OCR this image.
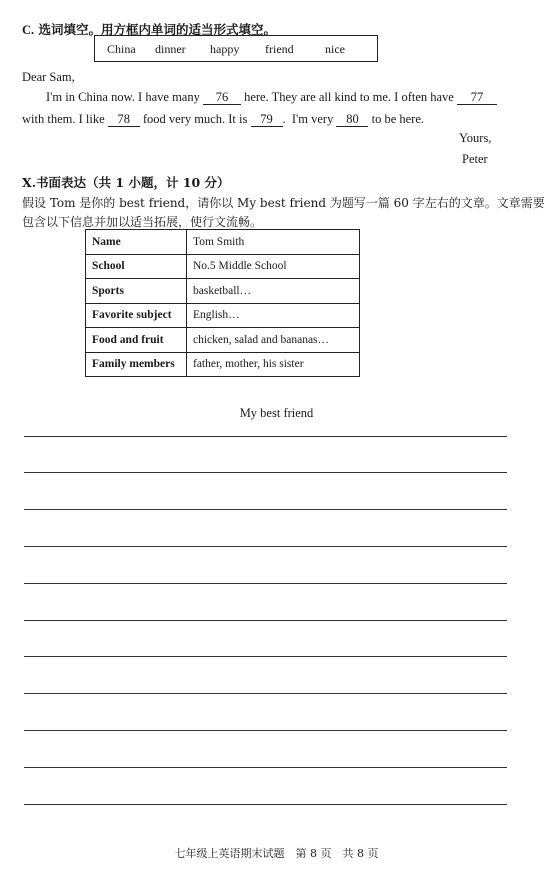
C. 选词填空。用方框内单词的适当形式填空。
China dinner happy friend	nice
Dear Sam,
I'm in China now. I have many 76 here. They are all kind to me. I often have 77
with them. I like 78 food very much. It is 79 . I'm very 80 to be here.
Yours,
Peter
X.书面表达（共 1 小题，计 10 分）
假设 Tom 是你的 best friend，请你以 My best friend 为题写一篇 60 字左右的文章。文章需要
包含以下信息并加以适当拓展，使行文流畅。
Name	Tom Smith
School	No.5 Middle School
Sports	basketball…
Favorite subject	English…
Food and fruit	chicken, salad and bananas…
Family members	father, mother, his sister
My best friend
七年级上英语期末试题　第 8 页　共 8 页
